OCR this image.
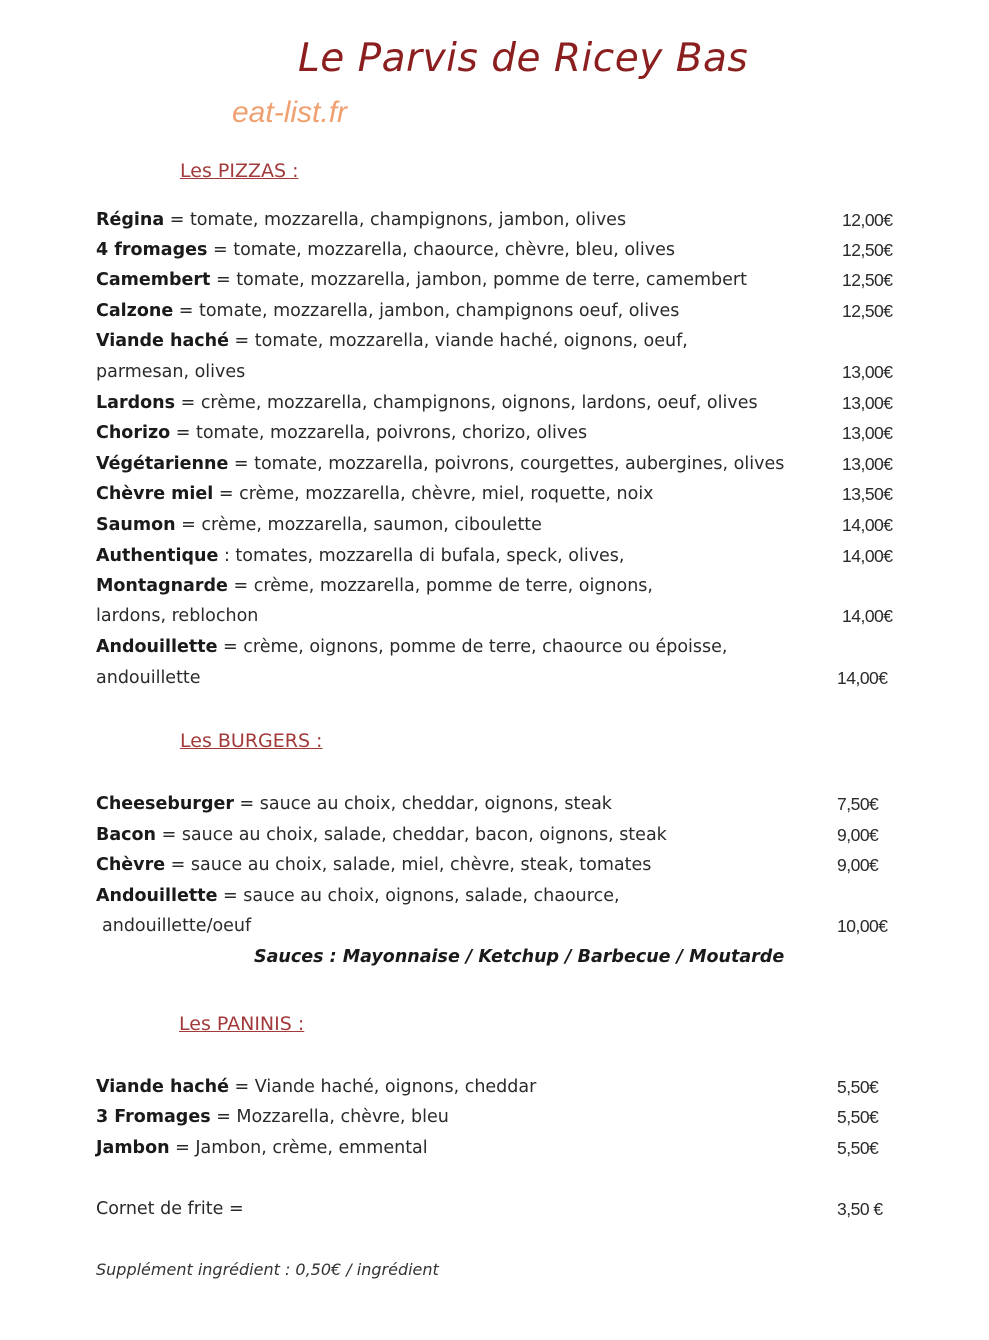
Le Parvis de Ricey Bas
eat-list.fr
Les PIZZAS :
Régina = tomate, mozzarella, champignons, jambon, olives	12,00€
4 fromages = tomate, mozzarella, chaource, chèvre, bleu, olives	12,50€
Camembert = tomate, mozzarella, jambon, pomme de terre, camembert	12,50€
Calzone = tomate, mozzarella, jambon, champignons oeuf, olives	12,50€
Viande haché = tomate, mozzarella, viande haché, oignons, oeuf,
parmesan, olives	13,00€
Lardons = crème, mozzarella, champignons, oignons, lardons, oeuf, olives	13,00€
Chorizo = tomate, mozzarella, poivrons, chorizo, olives	13,00€
Végétarienne = tomate, mozzarella, poivrons, courgettes, aubergines, olives	13,00€
Chèvre miel = crème, mozzarella, chèvre, miel, roquette, noix	13,50€
Saumon = crème, mozzarella, saumon, ciboulette	14,00€
Authentique : tomates, mozzarella di bufala, speck, olives,	14,00€
Montagnarde = crème, mozzarella, pomme de terre, oignons,
lardons, reblochon	14,00€
Andouillette = crème, oignons, pomme de terre, chaource ou époisse,
andouillette	14,00€
Les BURGERS :
Cheeseburger = sauce au choix, cheddar, oignons, steak	7,50€
Bacon = sauce au choix, salade, cheddar, bacon, oignons, steak	9,00€
Chèvre = sauce au choix, salade, miel, chèvre, steak, tomates	9,00€
Andouillette = sauce au choix, oignons, salade, chaource,
andouillette/oeuf	10,00€
Sauces : Mayonnaise / Ketchup / Barbecue / Moutarde
Les PANINIS :
Viande haché = Viande haché, oignons, cheddar	5,50€
3 Fromages = Mozzarella, chèvre, bleu	5,50€
Jambon = Jambon, crème, emmental	5,50€
Cornet de frite =	3,50 €
Supplément ingrédient : 0,50€ / ingrédient
